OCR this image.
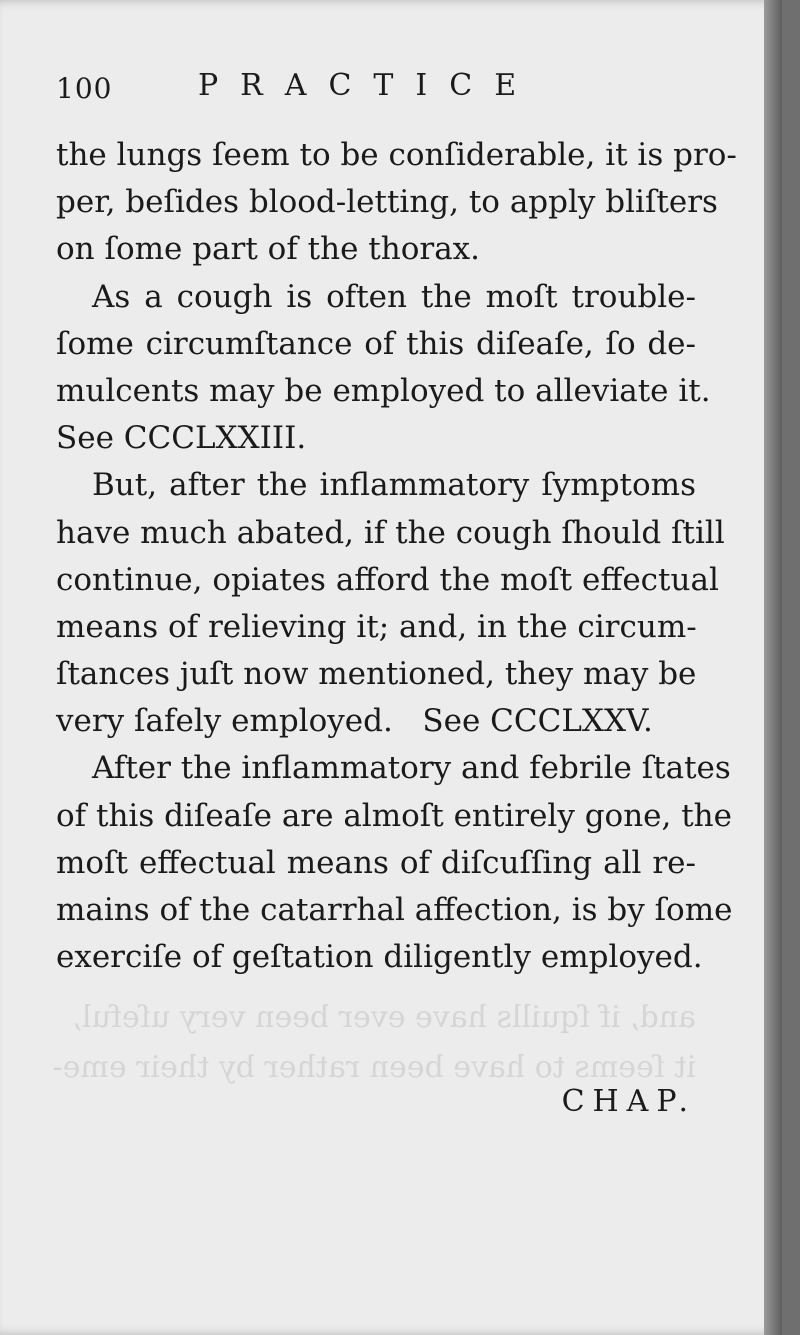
and, if ſquills have ever been very uſeful,
it ſeems to have been rather by their eme-
100	PRACTICE
the lungs ſeem to be conſiderable, it is pro-
per, beſides blood-letting, to apply bliſters
on ſome part of the thorax.
As a cough is often the moſt trouble-
ſome circumſtance of this diſeaſe, ſo de-
mulcents may be employed to alleviate it.
See CCCLXXIII.
But, after the inflammatory ſymptoms
have much abated, if the cough ſhould ſtill
continue, opiates afford the moſt effectual
means of relieving it; and, in the circum-
ſtances juſt now mentioned, they may be
very ſafely employed.   See CCCLXXV.
After the inflammatory and febrile ſtates
of this diſeaſe are almoſt entirely gone, the
moſt effectual means of diſcuſſing all re-
mains of the catarrhal affection, is by ſome
exerciſe of geſtation diligently employed.
CHAP.
